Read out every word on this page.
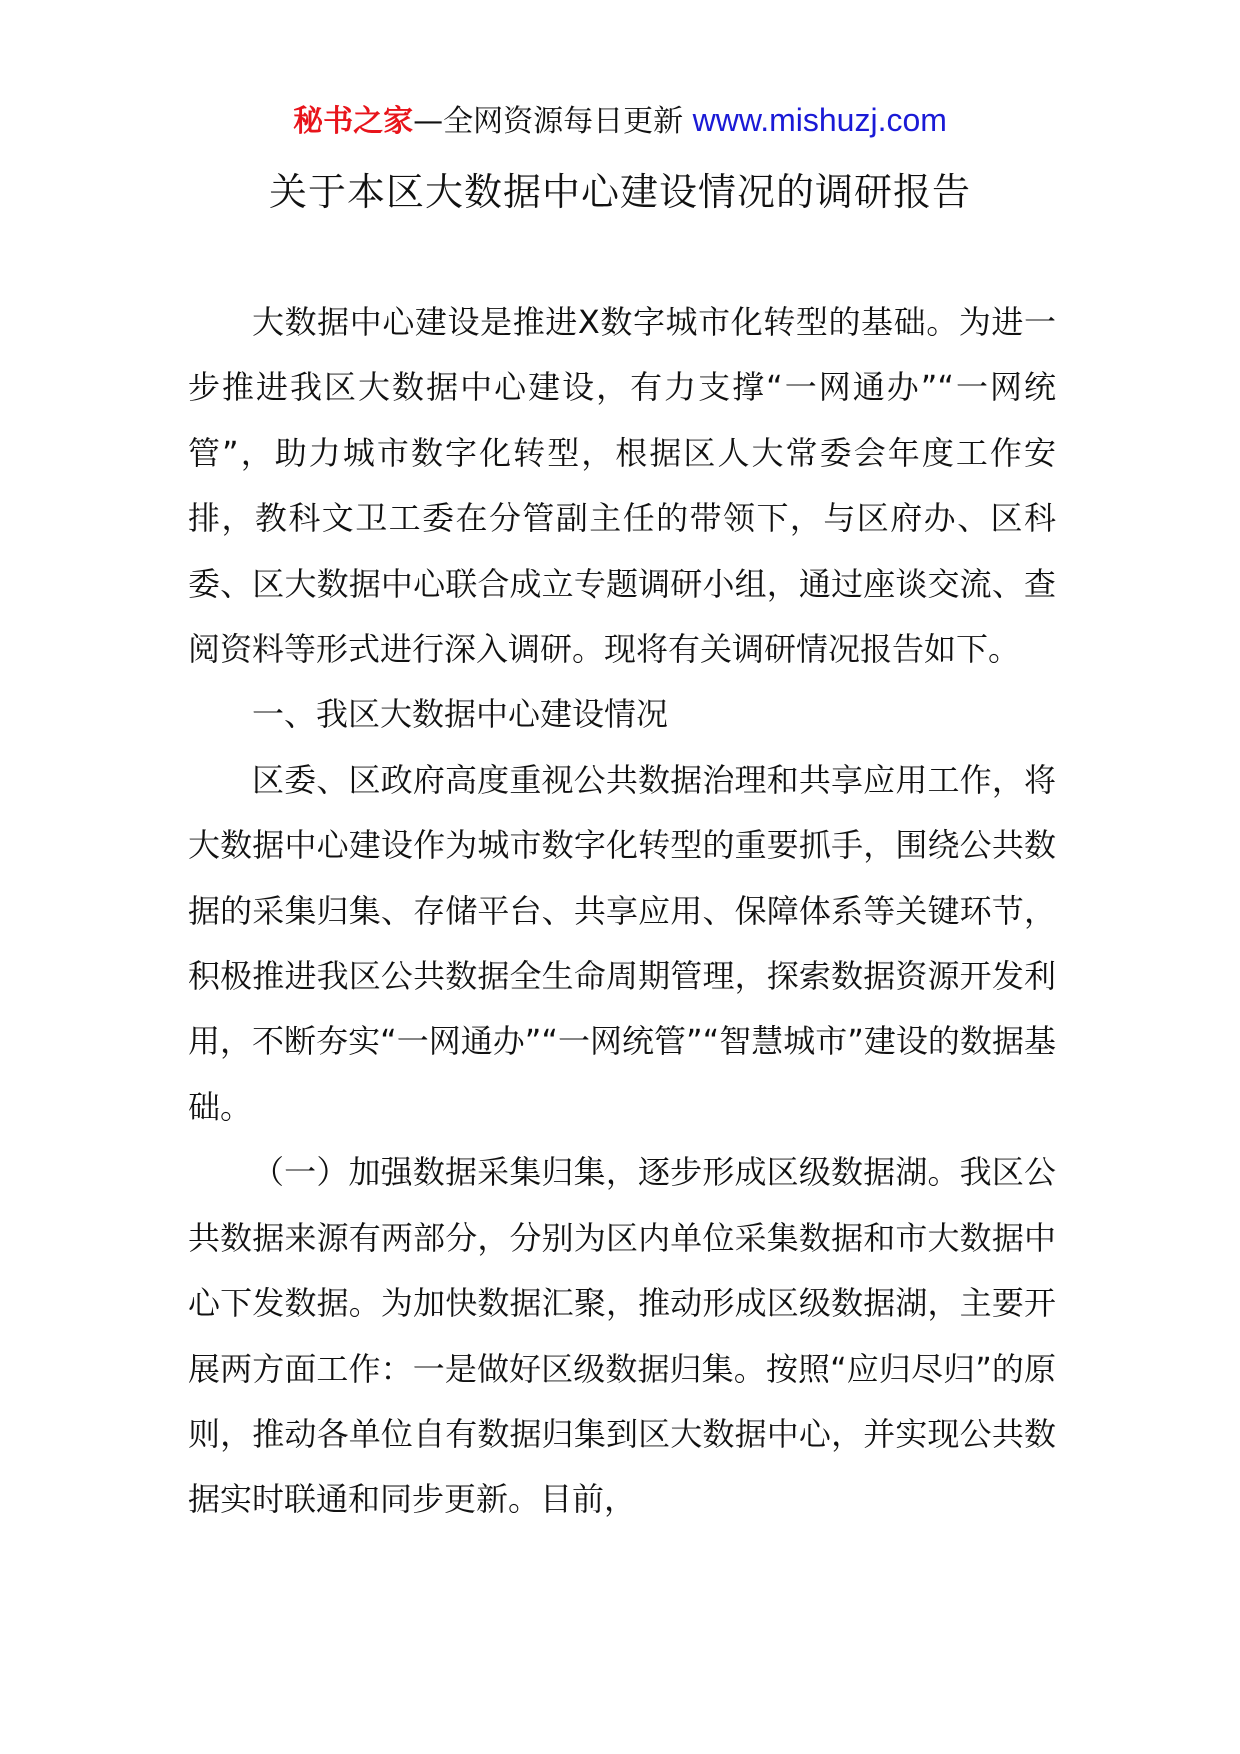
秘书之家—全网资源每日更新 www.mishuzj.com
关于本区大数据中心建设情况的调研报告

大数据中心建设是推进X数字城市化转型的基础。为进一步推进我区大数据中心建设，有力支撑“一网通办”“一网统管”，助力城市数字化转型，根据区人大常委会年度工作安排，教科文卫工委在分管副主任的带领下，与区府办、区科委、区大数据中心联合成立专题调研小组，通过座谈交流、查阅资料等形式进行深入调研。现将有关调研情况报告如下。

一、我区大数据中心建设情况

区委、区政府高度重视公共数据治理和共享应用工作，将大数据中心建设作为城市数字化转型的重要抓手，围绕公共数据的采集归集、存储平台、共享应用、保障体系等关键环节，积极推进我区公共数据全生命周期管理，探索数据资源开发利用，不断夯实“一网通办”“一网统管”“智慧城市”建设的数据基础。

（一）加强数据采集归集，逐步形成区级数据湖。我区公共数据来源有两部分，分别为区内单位采集数据和市大数据中心下发数据。为加快数据汇聚，推动形成区级数据湖，主要开展两方面工作：一是做好区级数据归集。按照“应归尽归”的原则，推动各单位自有数据归集到区大数据中心，并实现公共数据实时联通和同步更新。目前，
